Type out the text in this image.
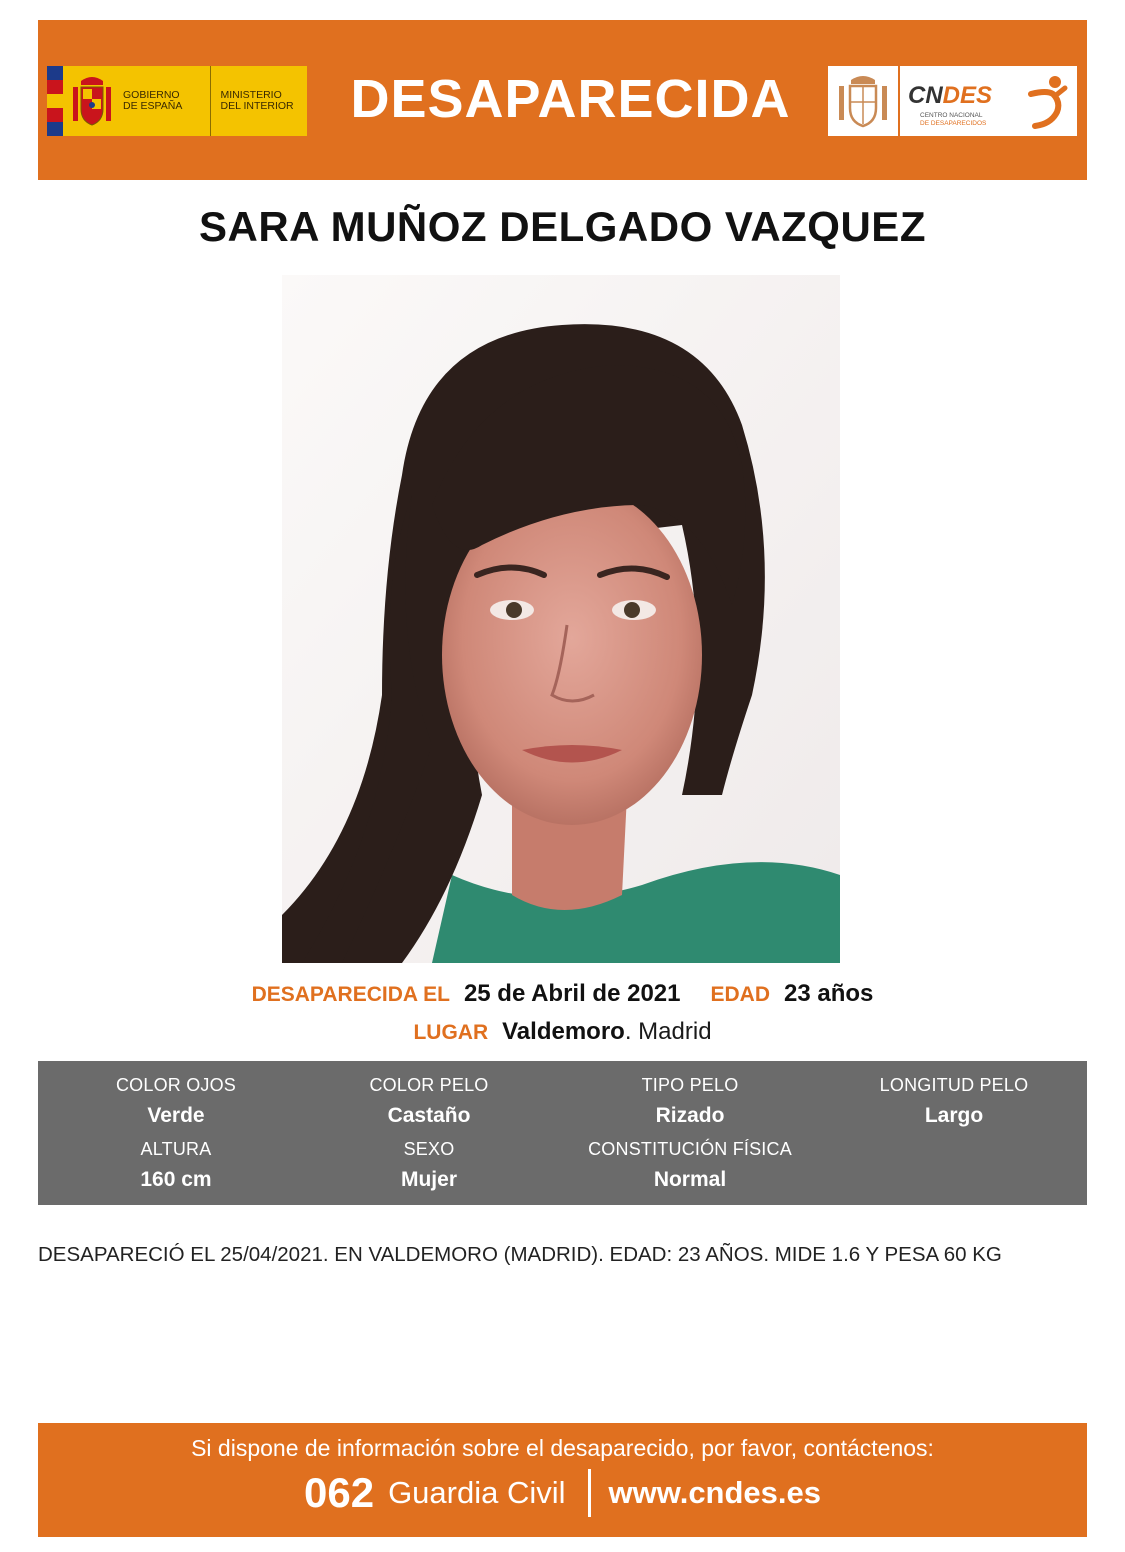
GOBIERNO
DE ESPAÑA
MINISTERIO
DEL INTERIOR DESAPARECIDA	CNDES
CENTRO NACIONAL
DE DESAPARECIDOS
SARA MUÑOZ DELGADO VAZQUEZ
DESAPARECIDA EL 25 de Abril de 2021 EDAD 23 años
LUGAR Valdemoro. Madrid
COLOR OJOS
Verde
COLOR PELO
Castaño
TIPO PELO
Rizado
LONGITUD PELO
Largo
ALTURA
160 cm
SEXO
Mujer
CONSTITUCIÓN FÍSICA
Normal
DESAPARECIÓ EL 25/04/2021. EN VALDEMORO (MADRID). EDAD: 23 AÑOS. MIDE 1.6 Y PESA 60 KG
Si dispone de información sobre el desaparecido, por favor, contáctenos:
062 Guardia Civil www.cndes.es
